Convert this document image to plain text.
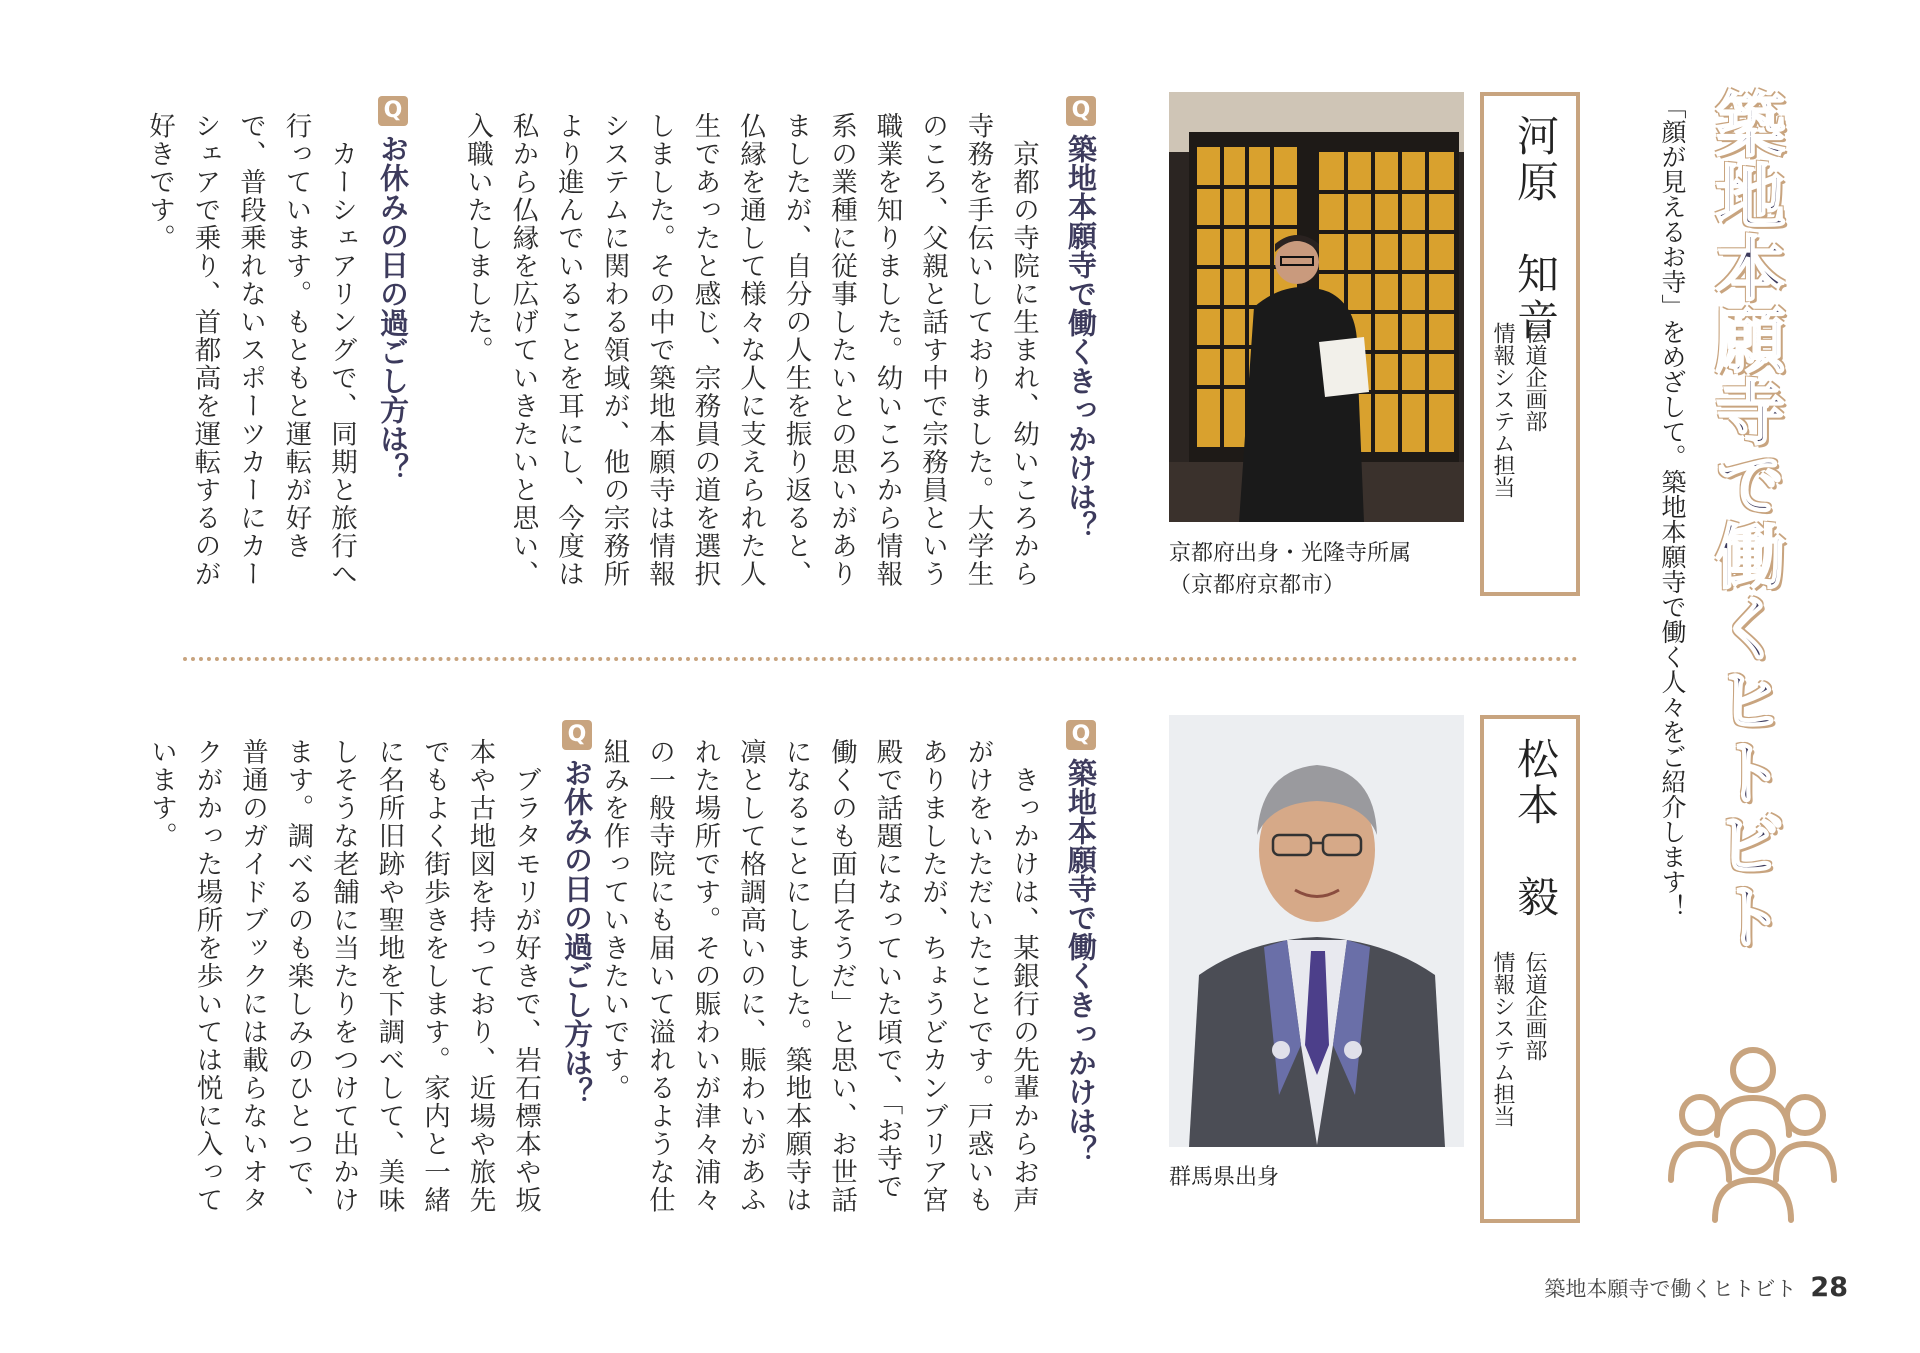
築地本願寺で働くヒトビト
「顔が見えるお寺」をめざして。築地本願寺で働く人々をご紹介します！
河原　知音
伝道企画部
情報システム担当
京都府出身・光隆寺所属
（京都府京都市）
Q
築地本願寺で働くきっかけは？
　京都の寺院に生まれ、幼いころから寺務を手伝いしておりました。大学生のころ、父親と話す中で宗務員という職業を知りました。幼いころから情報系の業種に従事したいとの思いがありましたが、自分の人生を振り返ると、仏縁を通して様々な人に支えられた人生であったと感じ、宗務員の道を選択しました。その中で築地本願寺は情報システムに関わる領域が、他の宗務所より進んでいることを耳にし、今度は私から仏縁を広げていきたいと思い、入職いたしました。
Q
お休みの日の過ごし方は？
　カーシェアリングで、同期と旅行へ行っています。もともと運転が好きで、普段乗れないスポーツカーにカーシェアで乗り、首都高を運転するのが好きです。
松本　毅
伝道企画部
情報システム担当
群馬県出身
Q
築地本願寺で働くきっかけは？
　きっかけは、某銀行の先輩からお声がけをいただいたことです。戸惑いもありましたが、ちょうどカンブリア宮殿で話題になっていた頃で、「お寺で働くのも面白そうだ」と思い、お世話になることにしました。築地本願寺は凛として格調高いのに、賑わいがあふれた場所です。その賑わいが津々浦々の一般寺院にも届いて溢れるような仕組みを作っていきたいです。
Q
お休みの日の過ごし方は？
　ブラタモリが好きで、岩石標本や坂本や古地図を持っており、近場や旅先でもよく街歩きをします。家内と一緒に名所旧跡や聖地を下調べして、美味しそうな老舗に当たりをつけて出かけます。調べるのも楽しみのひとつで、普通のガイドブックには載らないオタクがかった場所を歩いては悦に入っています。
築地本願寺で働くヒトビト 28
